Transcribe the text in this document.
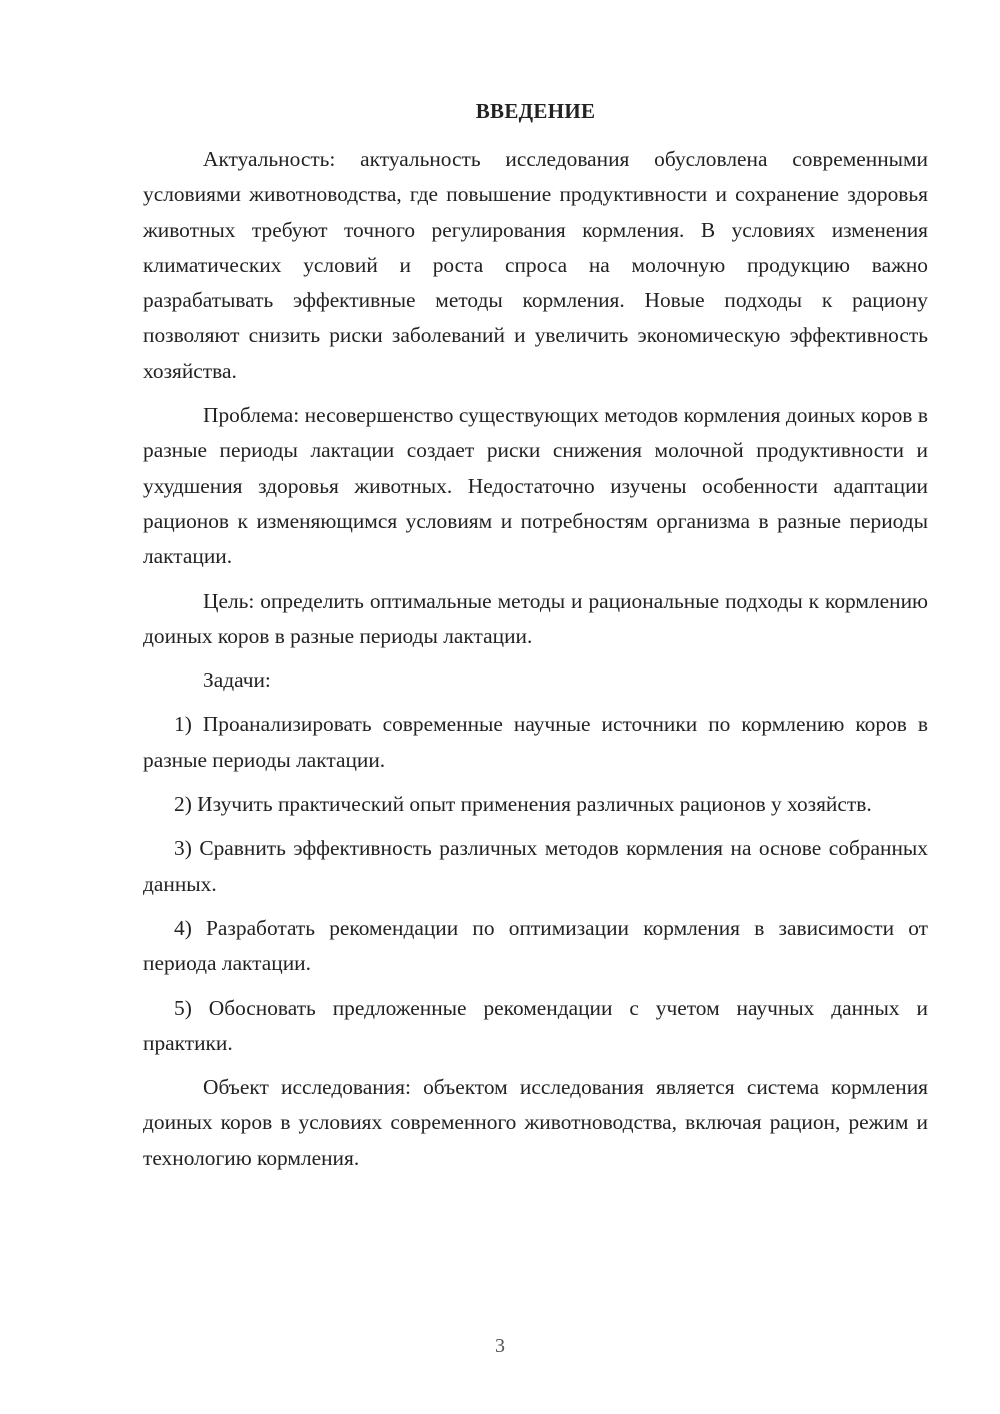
ВВЕДЕНИЕ

Актуальность: актуальность исследования обусловлена современными условиями животноводства, где повышение продуктивности и сохранение здоровья животных требуют точного регулирования кормления. В условиях изменения климатических условий и роста спроса на молочную продукцию важно разрабатывать эффективные методы кормления. Новые подходы к рациону позволяют снизить риски заболеваний и увеличить экономическую эффективность хозяйства.

Проблема: несовершенство существующих методов кормления доиных коров в разные периоды лактации создает риски снижения молочной продуктивности и ухудшения здоровья животных. Недостаточно изучены особенности адаптации рационов к изменяющимся условиям и потребностям организма в разные периоды лактации.

Цель: определить оптимальные методы и рациональные подходы к кормлению доиных коров в разные периоды лактации.

Задачи:

1) Проанализировать современные научные источники по кормлению коров в разные периоды лактации.

2) Изучить практический опыт применения различных рационов у хозяйств.

3) Сравнить эффективность различных методов кормления на основе собранных данных.

4) Разработать рекомендации по оптимизации кормления в зависимости от периода лактации.

5) Обосновать предложенные рекомендации с учетом научных данных и практики.

Объект исследования: объектом исследования является система кормления доиных коров в условиях современного животноводства, включая рацион, режим и технологию кормления.

3
